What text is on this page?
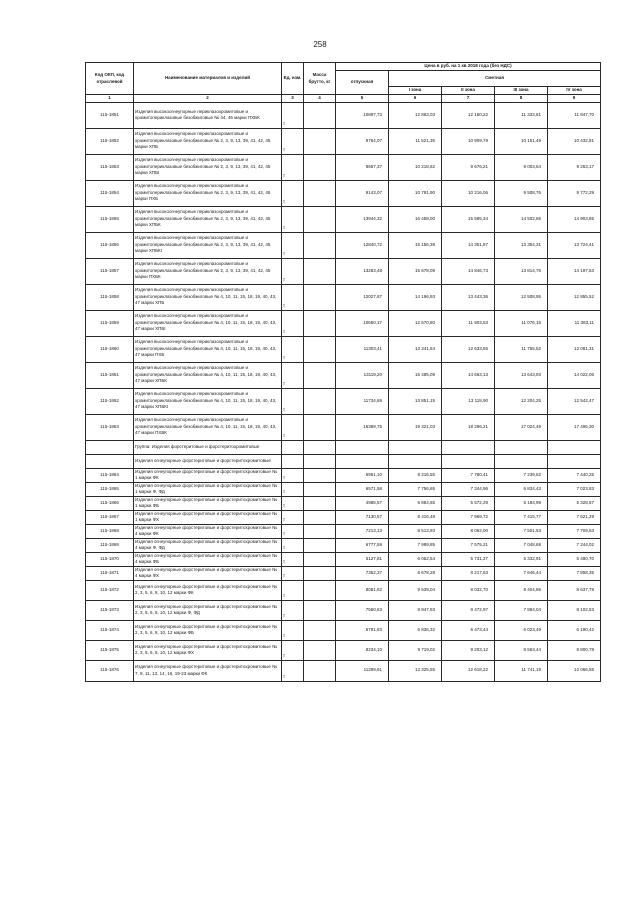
258
Код ОКП, код отраслевой	Наименование материалов и изделий	Ед. изм.	Масса брутто, кг	Цена в руб. на 1 кв 2018 года (без НДС)				
				отпускная	Сметная			
					I зона	II зона	III зона	IV зона
1	2	3	4	5	6	7	8	9
115-1851	Изделия высокоогнеупорные периклазохромитовые и хромитопериклазовые безобжиговые № 44, 45 марки ПХБК	т		10897,73	12 863,03	12 160,22	11 333,61	11 847,70
115-1852	Изделия высокоогнеупорные периклазохромитовые и хромитопериклазовые безобжиговые № 2, 3, 9, 13, 39, 41, 42, 45 марки ХПБ	т		9764,07	11 521,35	10 909,79	10 151,49	10 432,81
115-1853	Изделия высокоогнеупорные периклазохромитовые и хромитопериклазовые безобжиговые № 2, 3, 9, 13, 39, 41, 42, 45 марки ХПБІ	т		8657,37	10 218,62	9 676,21	9 003,64	9 253,17
115-1854	Изделия высокоогнеупорные периклазохромитовые и хромитопериклазовые безобжиговые № 2, 3, 9, 13, 39, 41, 42, 45 марки ПХБ	т		9143,07	10 791,90	10 216,06	9 508,76	9 772,29
115-1855	Изделия высокоогнеупорные периклазохромитовые и хромитопериклазовые безобжиговые № 2, 3, 9, 13, 39, 41, 42, 45 марки ХПБК	т		13944,32	16 458,00	15 585,34	14 502,65	14 903,85
115-1856	Изделия высокоогнеупорные периклазохромитовые и хромитопериклазовые безобжиговые № 2, 3, 9, 13, 39, 41, 42, 45 марки ХПБКІ	т		12840,72	15 156,38	14 351,87	13 354,31	13 724,41
115-1857	Изделия высокоогнеупорные периклазохромитовые и хромитопериклазовые безобжиговые № 2, 3, 9, 13, 39, 41, 42, 45 марки ПХБК	т		13283,48	15 678,09	14 846,73	13 814,76	14 197,53
115-1858	Изделия высокоогнеупорные периклазохромитовые и хромитопериклазовые безобжиговые № 4, 10, 11, 15, 18, 19, 40, 43, 47 марки ХПБ	т		12027,87	14 196,93	13 443,36	12 508,95	12 855,52
115-1859	Изделия высокоогнеупорные периклазохромитовые и хромитопериклазовые безобжиговые № 4, 10, 11, 15, 18, 19, 40, 43, 47 марки ХПБІ	т		10650,17	12 570,80	11 903,53	11 076,15	11 383,11
115-1860	Изделия высокоогнеупорные периклазохромитовые и хромитопериклазовые безобжиговые № 4, 10, 11, 15, 18, 19, 40, 43, 47 марки ПХБ	т		11303,41	13 341,64	12 633,55	11 755,52	12 081,31
115-1861	Изделия высокоогнеупорные периклазохромитовые и хромитопериклазовые безобжиговые № 4, 10, 11, 15, 18, 19, 40, 43, 47 марки ХПБК	т		13119,20	15 485,09	14 663,13	13 643,93	14 022,06
115-1862	Изделия высокоогнеупорные периклазохромитовые и хромитопериклазовые безобжиговые № 4, 10, 11, 15, 18, 19, 40, 43, 47 марки ХПБКІ	т		11734,69	13 851,15	13 115,90	12 204,25	12 542,47
115-1863	Изделия высокоогнеупорные периклазохромитовые и хромитопериклазовые безобжиговые № 4, 10, 11, 15, 18, 19, 40, 43, 47 марки ПХБК	т		16389,75	19 321,03	18 296,21	17 024,49	17 496,30
	Группа: Изделия форстеритовые и форстеритохромитовые							
	Изделия огнеупорные форстеритовые и форстеритохромитовые							
115-1864	Изделия огнеупорные форстеритовые и форстеритохромитовые № 1 марки ФК	т		6961,10	8 216,55	7 780,41	7 239,62	7 440,25
115-1865	Изделия огнеупорные форстеритовые и форстеритохромитовые № 1 марки Ф, ФД	т		6571,58	7 756,65	7 344,96	6 834,43	7 023,83
115-1866	Изделия огнеупорные форстеритовые и форстеритохромитовые № 1 марки ФБ	т		4985,57	5 884,65	5 572,29	5 184,99	5 328,67
115-1867	Изделия огнеупорные форстеритовые и форстеритохромитовые № 1 марки ФХ	т		7130,57	8 416,48	7 969,72	7 415,77	7 621,29
115-1868	Изделия огнеупорные форстеритовые и форстеритохромитовые № 4 марки ФК	т		7213,13	8 513,93	8 062,00	7 501,53	7 709,53
115-1869	Изделия огнеупорные форстеритовые и форстеритохромитовые № 4 марки Ф, ФД	т		6777,59	7 999,85	7 575,21	7 048,68	7 244,02
115-1870	Изделия огнеупорные форстеритовые и форстеритохромитовые № 4 марки ФБ	т		5127,81	6 052,54	5 731,27	5 332,91	5 480,70
115-1871	Изделия огнеупорные форстеритовые и форстеритохромитовые № 4 марки ФХ	т		7352,37	8 678,28	8 217,63	7 646,44	7 858,35
115-1872	Изделия огнеупорные форстеритовые и форстеритохромитовые № 2, 3, 5, 6, 8, 10, 12 марки ФК	т		8081,62	9 539,04	9 032,70	8 404,86	8 637,79
115-1873	Изделия огнеупорные форстеритовые и форстеритохромитовые № 2, 3, 5, 6, 8, 10, 12 марки Ф, ФД	т		7560,63	8 947,93	8 472,97	7 884,04	8 102,53
115-1874	Изделия огнеупорные форстеритовые и форстеритохромитовые № 2, 3, 5, 6, 8, 10, 12 марки ФБ	т		5791,83	6 836,32	6 473,44	6 023,49	6 190,42
115-1875	Изделия огнеупорные форстеритовые и форстеритохромитовые № 2, 3, 5, 6, 8, 10, 12 марки ФХ	т		8234,10	9 719,02	9 203,12	8 563,44	8 800,78
115-1876	Изделия огнеупорные форстеритовые и форстеритохромитовые № 7, 9, 11, 13, 14, 16, 19-23 марки ФК	т		11289,61	13 325,55	12 618,22	11 741,19	12 066,55
